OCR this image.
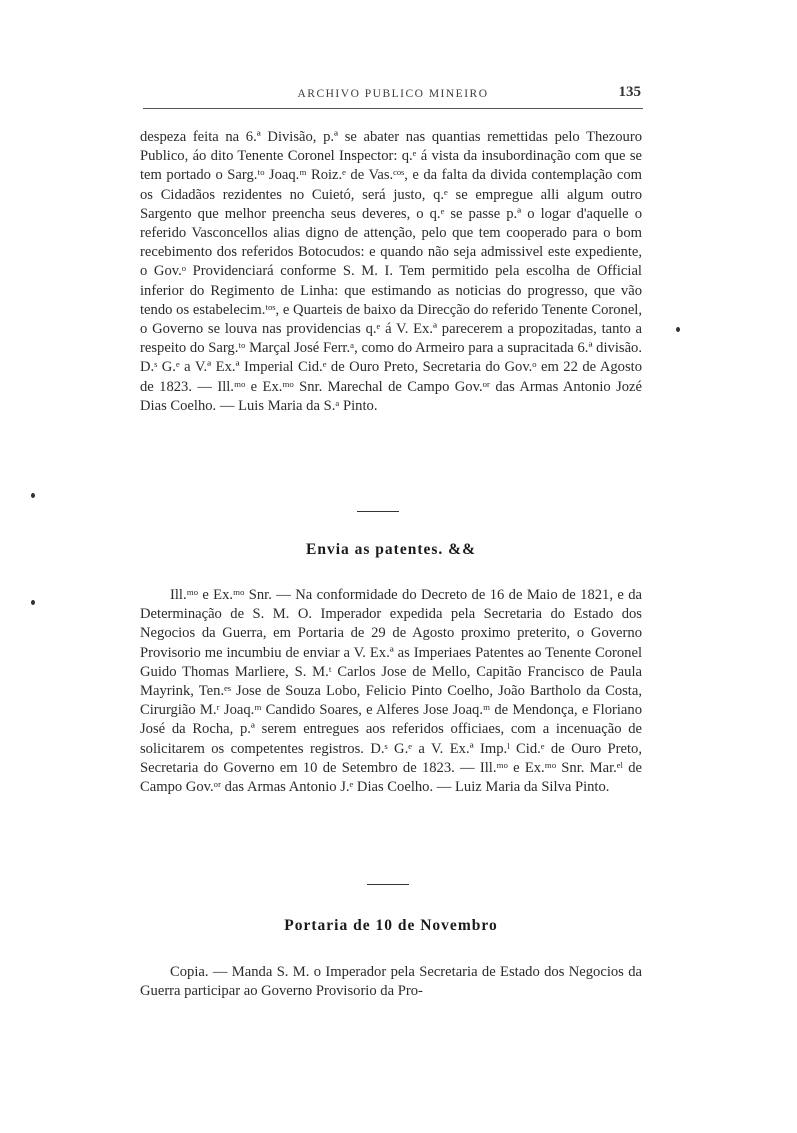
ARCHIVO PUBLICO MINEIRO	135

despeza feita na 6.ª Divisão, p.ª se abater nas quantias remettidas pelo Thezouro Publico, áo dito Tenente Coronel Inspector: q.ᵉ á vista da insubordinação com que se tem portado o Sarg.ᵗᵒ Joaq.ᵐ Roiz.ᵉ de Vas.ᶜᵒˢ, e da falta da divida contemplação com os Cidadãos rezidentes no Cuietó, será justo, q.ᵉ se empregue alli algum outro Sargento que melhor preencha seus deveres, o q.ᵉ se passe p.ª o logar d'aquelle o referido Vasconcellos alias digno de attenção, pelo que tem cooperado para o bom recebimento dos referidos Botocudos: e quando não seja admissivel este expediente, o Gov.ᵒ Providenciará conforme S. M. I. Tem permitido pela escolha de Official inferior do Regimento de Linha: que estimando as noticias do progresso, que vão tendo os estabelecim.ᵗᵒˢ, e Quarteis de baixo da Direcção do referido Tenente Coronel, o Governo se louva nas providencias q.ᵉ á V. Ex.ª parecerem a propozitadas, tanto a respeito do Sarg.ᵗᵒ Marçal José Ferr.ᵃ, como do Armeiro para a supracitada 6.ª divisão. D.ˢ G.ᵉ a V.ª Ex.ª Imperial Cid.ᵉ de Ouro Preto, Secretaria do Gov.ᵒ em 22 de Agosto de 1823. — Ill.ᵐᵒ e Ex.ᵐᵒ Snr. Marechal de Campo Gov.ᵒʳ das Armas Antonio Jozé Dias Coelho. — Luis Maria da S.ᵃ Pinto.

Envia as patentes. &&

Ill.ᵐᵒ e Ex.ᵐᵒ Snr. — Na conformidade do Decreto de 16 de Maio de 1821, e da Determinação de S. M. O. Imperador expedida pela Secretaria do Estado dos Negocios da Guerra, em Portaria de 29 de Agosto proximo preterito, o Governo Provisorio me incumbiu de enviar a V. Ex.ª as Imperiaes Patentes ao Tenente Coronel Guido Thomas Marliere, S. M.ᵗ Carlos Jose de Mello, Capitão Francisco de Paula Mayrink, Ten.ᵉˢ Jose de Souza Lobo, Felicio Pinto Coelho, João Bartholo da Costa, Cirurgião M.ʳ Joaq.ᵐ Candido Soares, e Alferes Jose Joaq.ᵐ de Mendonça, e Floriano José da Rocha, p.ª serem entregues aos referidos officiaes, com a incenuação de solicitarem os competentes registros. D.ˢ G.ᵉ a V. Ex.ª Imp.ˡ Cid.ᵉ de Ouro Preto, Secretaria do Governo em 10 de Setembro de 1823. — Ill.ᵐᵒ e Ex.ᵐᵒ Snr. Mar.ᵉˡ de Campo Gov.ᵒʳ das Armas Antonio J.ᵉ Dias Coelho. — Luiz Maria da Silva Pinto.

Portaria de 10 de Novembro

Copia. — Manda S. M. o Imperador pela Secretaria de Estado dos Negocios da Guerra participar ao Governo Provisorio da Pro-
